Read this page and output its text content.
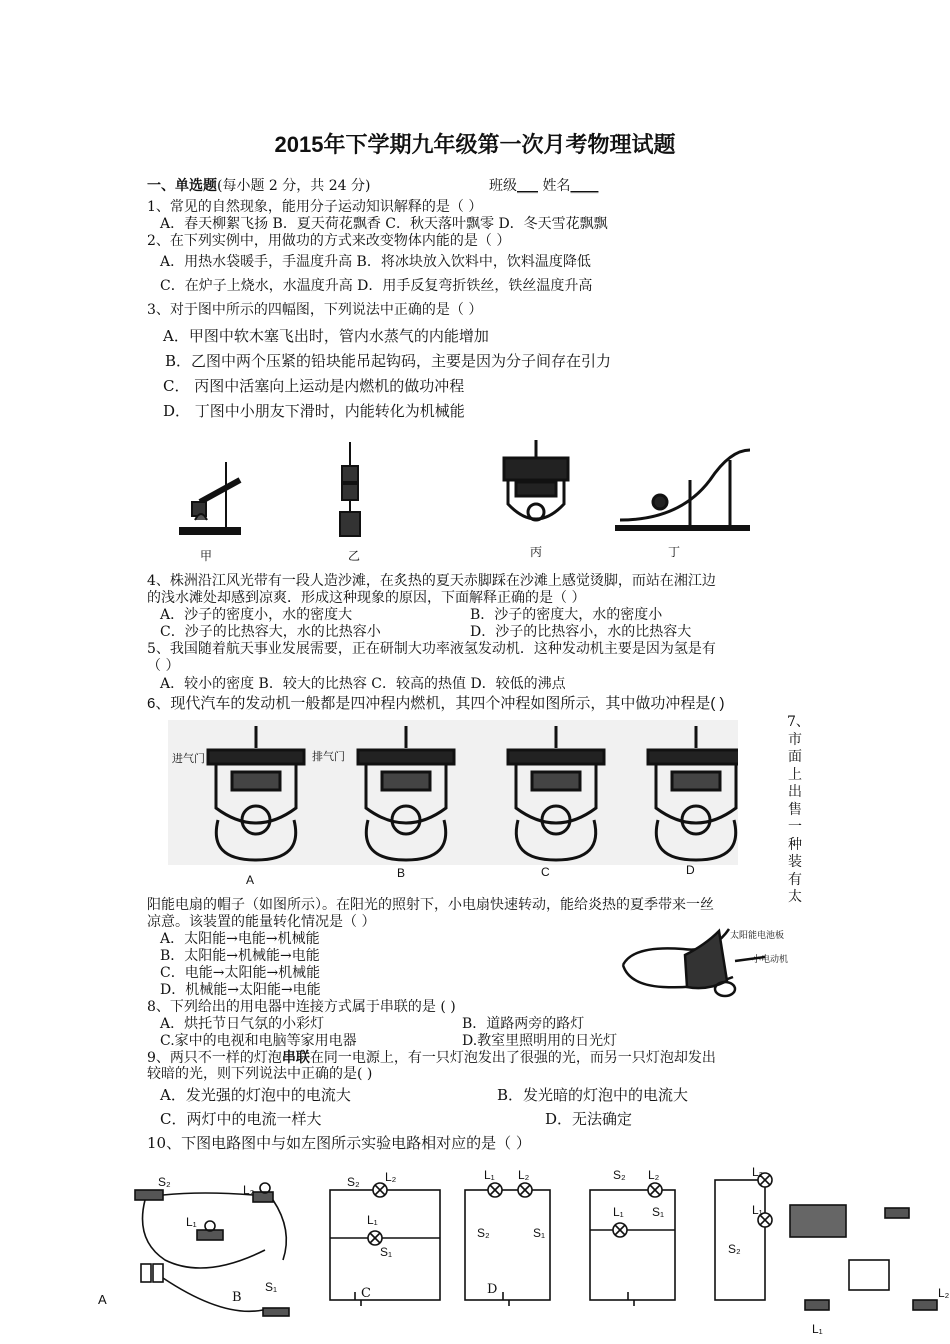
2015年下学期九年级第一次月考物理试题
一、单选题(每小题 2 分，共 24 分)	班级___ 姓名____
1、常见的自然现象，能用分子运动知识解释的是（ ）
A．春天柳絮飞扬 B．夏天荷花飘香 C．秋天落叶飘零 D．冬天雪花飘飘
2、在下列实例中，用做功的方式来改变物体内能的是（ ）
A．用热水袋暖手，手温度升高 B．将冰块放入饮料中，饮料温度降低
C．在炉子上烧水，水温度升高 D．用手反复弯折铁丝，铁丝温度升高
3、对于图中所示的四幅图，下列说法中正确的是（ ）
A．甲图中软木塞飞出时，管内水蒸气的内能增加
B．乙图中两个压紧的铅块能吊起钩码，主要是因为分子间存在引力
C． 丙图中活塞向上运动是内燃机的做功冲程
D． 丁图中小朋友下滑时，内能转化为机械能
甲	乙	丙	丁
4、株洲沿江风光带有一段人造沙滩，在炙热的夏天赤脚踩在沙滩上感觉烫脚，而站在湘江边
的浅水滩处却感到凉爽．形成这种现象的原因，下面解释正确的是（ ）
A．沙子的密度小，水的密度大	B．沙子的密度大，水的密度小
C．沙子的比热容大，水的比热容小	D．沙子的比热容小，水的比热容大
5、我国随着航天事业发展需要，正在研制大功率液氢发动机．这种发动机主要是因为氢是有
（ ）
A．较小的密度 B．较大的比热容 C．较高的热值 D．较低的沸点
6、现代汽车的发动机一般都是四冲程内燃机，其四个冲程如图所示，其中做功冲程是( )
进气门	排气门
A	B	C	D
7、市面上出售一种装有太
阳能电扇的帽子（如图所示）。在阳光的照射下，小电扇快速转动，能给炎热的夏季带来一丝
凉意。该装置的能量转化情况是（ ）
A．太阳能→电能→机械能
B．太阳能→机械能→电能
C．电能→太阳能→机械能
D．机械能→太阳能→电能
太阳能电池板
小电动机
8、下列给出的用电器中连接方式属于串联的是 ( )
A．烘托节日气氛的小彩灯	B．道路两旁的路灯
C.家中的电视和电脑等家用电器	D.教室里照明用的日光灯
9、两只不一样的灯泡串联在同一电源上，有一只灯泡发出了很强的光，而另一只灯泡却发出
较暗的光，则下列说法中正确的是( )
A．发光强的灯泡中的电流大	B．发光暗的灯泡中的电流大
C．两灯中的电流一样大	D．无法确定
10、下图电路图中与如左图所示实验电路相对应的是（ ）
S₂
L₂
L₁
S₁
S₂ L₂
L₁
S₁
L₁ L₂
S₂	S₁
S₂ L₂
L₁ S₁
L₂
L₁
S₂
L₂
L₁
A	B	C	D
